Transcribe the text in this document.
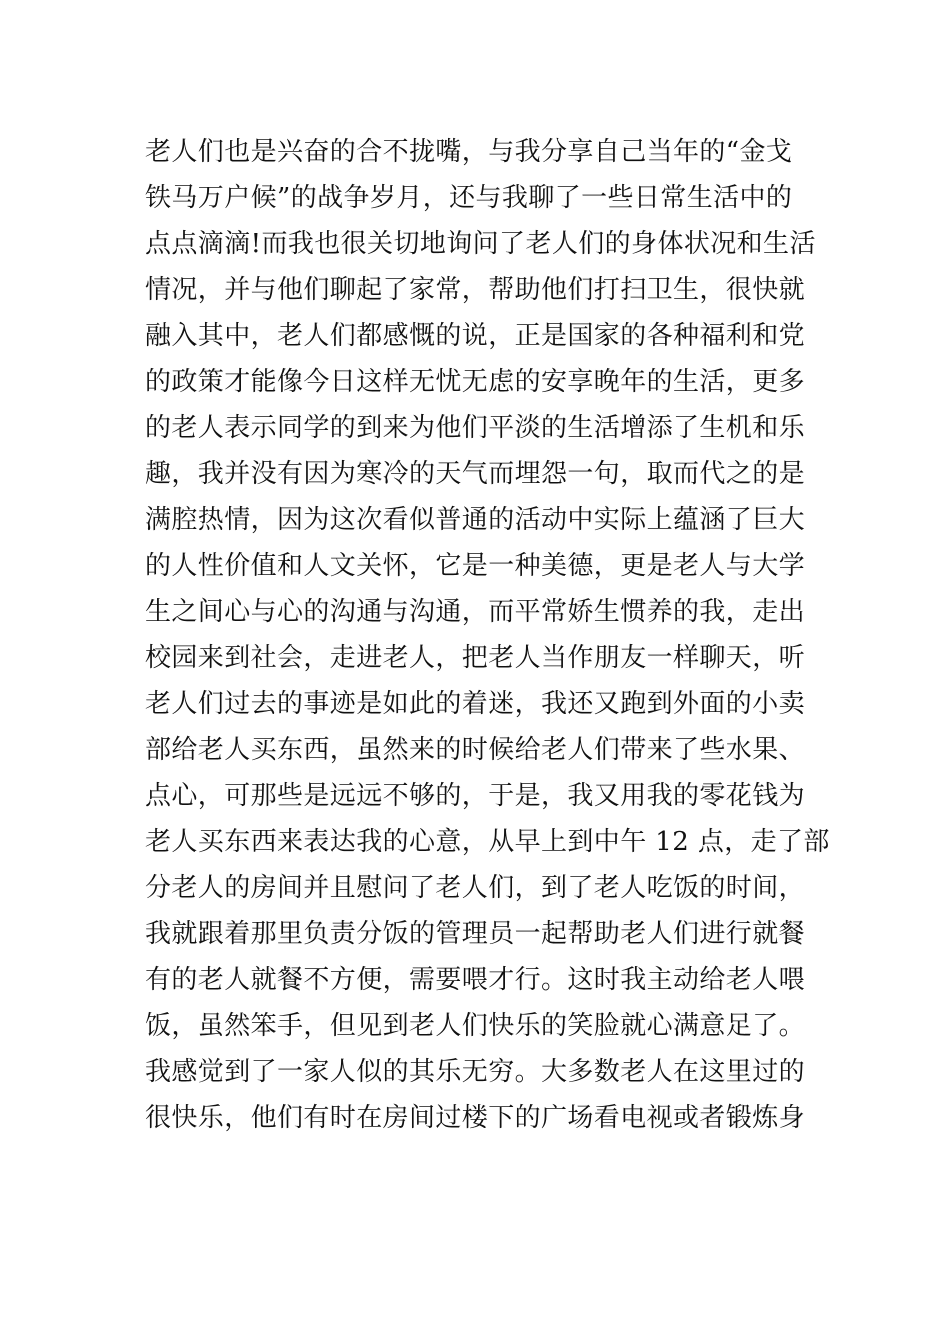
老人们也是兴奋的合不拢嘴，与我分享自己当年的“金戈
铁马万户候”的战争岁月，还与我聊了一些日常生活中的
点点滴滴!而我也很关切地询问了老人们的身体状况和生活
情况，并与他们聊起了家常，帮助他们打扫卫生，很快就
融入其中，老人们都感慨的说，正是国家的各种福利和党
的政策才能像今日这样无忧无虑的安享晚年的生活，更多
的老人表示同学的到来为他们平淡的生活增添了生机和乐
趣，我并没有因为寒冷的天气而埋怨一句，取而代之的是
满腔热情，因为这次看似普通的活动中实际上蕴涵了巨大
的人性价值和人文关怀，它是一种美德，更是老人与大学
生之间心与心的沟通与沟通，而平常娇生惯养的我，走出
校园来到社会，走进老人，把老人当作朋友一样聊天，听
老人们过去的事迹是如此的着迷，我还又跑到外面的小卖
部给老人买东西，虽然来的时候给老人们带来了些水果、
点心，可那些是远远不够的，于是，我又用我的零花钱为
老人买东西来表达我的心意，从早上到中午 12 点，走了部
分老人的房间并且慰问了老人们，到了老人吃饭的时间，
我就跟着那里负责分饭的管理员一起帮助老人们进行就餐
有的老人就餐不方便，需要喂才行。这时我主动给老人喂
饭，虽然笨手，但见到老人们快乐的笑脸就心满意足了。
我感觉到了一家人似的其乐无穷。大多数老人在这里过的
很快乐，他们有时在房间过楼下的广场看电视或者锻炼身
